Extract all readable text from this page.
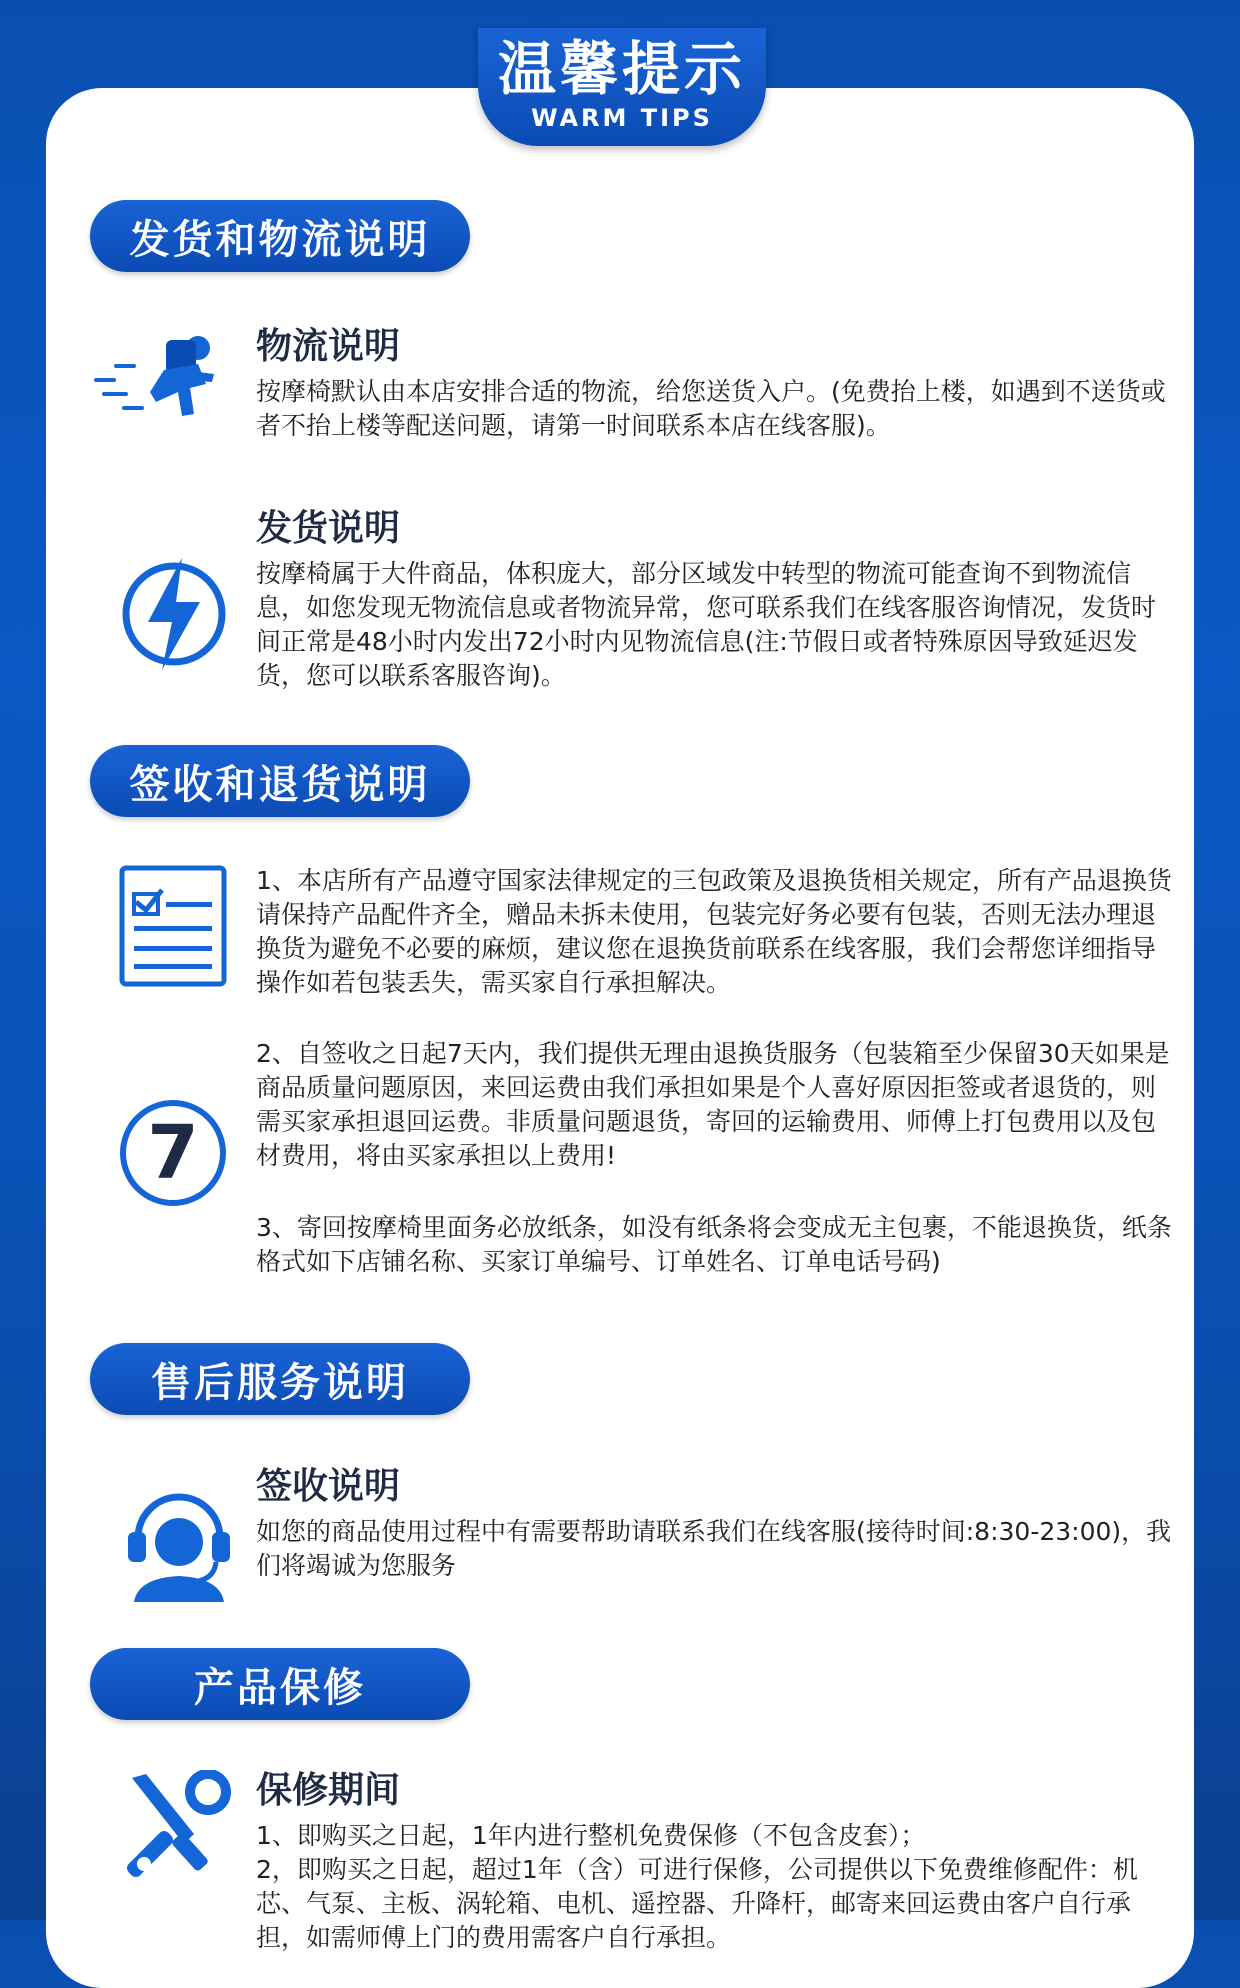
温馨提示
WARM TIPS
发货和物流说明
物流说明

按摩椅默认由本店安排合适的物流，给您送货入户。(免费抬上楼，如遇到不送货或者不抬上楼等配送问题，请第一时间联系本店在线客服)。

发货说明

按摩椅属于大件商品，体积庞大，部分区域发中转型的物流可能查询不到物流信息，如您发现无物流信息或者物流异常，您可联系我们在线客服咨询情况，发货时间正常是48小时内发出72小时内见物流信息(注:节假日或者特殊原因导致延迟发货，您可以联系客服咨询)。

签收和退货说明

1、本店所有产品遵守国家法律规定的三包政策及退换货相关规定，所有产品退换货请保持产品配件齐全，赠品未拆未使用，包装完好务必要有包装，否则无法办理退换货为避免不必要的麻烦，建议您在退换货前联系在线客服，我们会帮您详细指导操作如若包装丢失，需买家自行承担解决。

7

2、自签收之日起7天内，我们提供无理由退换货服务（包装箱至少保留30天如果是商品质量问题原因，来回运费由我们承担如果是个人喜好原因拒签或者退货的，则需买家承担退回运费。非质量问题退货，寄回的运输费用、师傅上打包费用以及包材费用，将由买家承担以上费用!

3、寄回按摩椅里面务必放纸条，如没有纸条将会变成无主包裹，不能退换货，纸条格式如下店铺名称、买家订单编号、订单姓名、订单电话号码)

售后服务说明
签收说明

如您的商品使用过程中有需要帮助请联系我们在线客服(接待时间:8:30-23:00)，我们将竭诚为您服务

产品保修
保修期间

1、即购买之日起，1年内进行整机免费保修（不包含皮套）；

2，即购买之日起，超过1年（含）可进行保修，公司提供以下免费维修配件：机芯、气泵、主板、涡轮箱、电机、遥控器、升降杆，邮寄来回运费由客户自行承担，如需师傅上门的费用需客户自行承担。
